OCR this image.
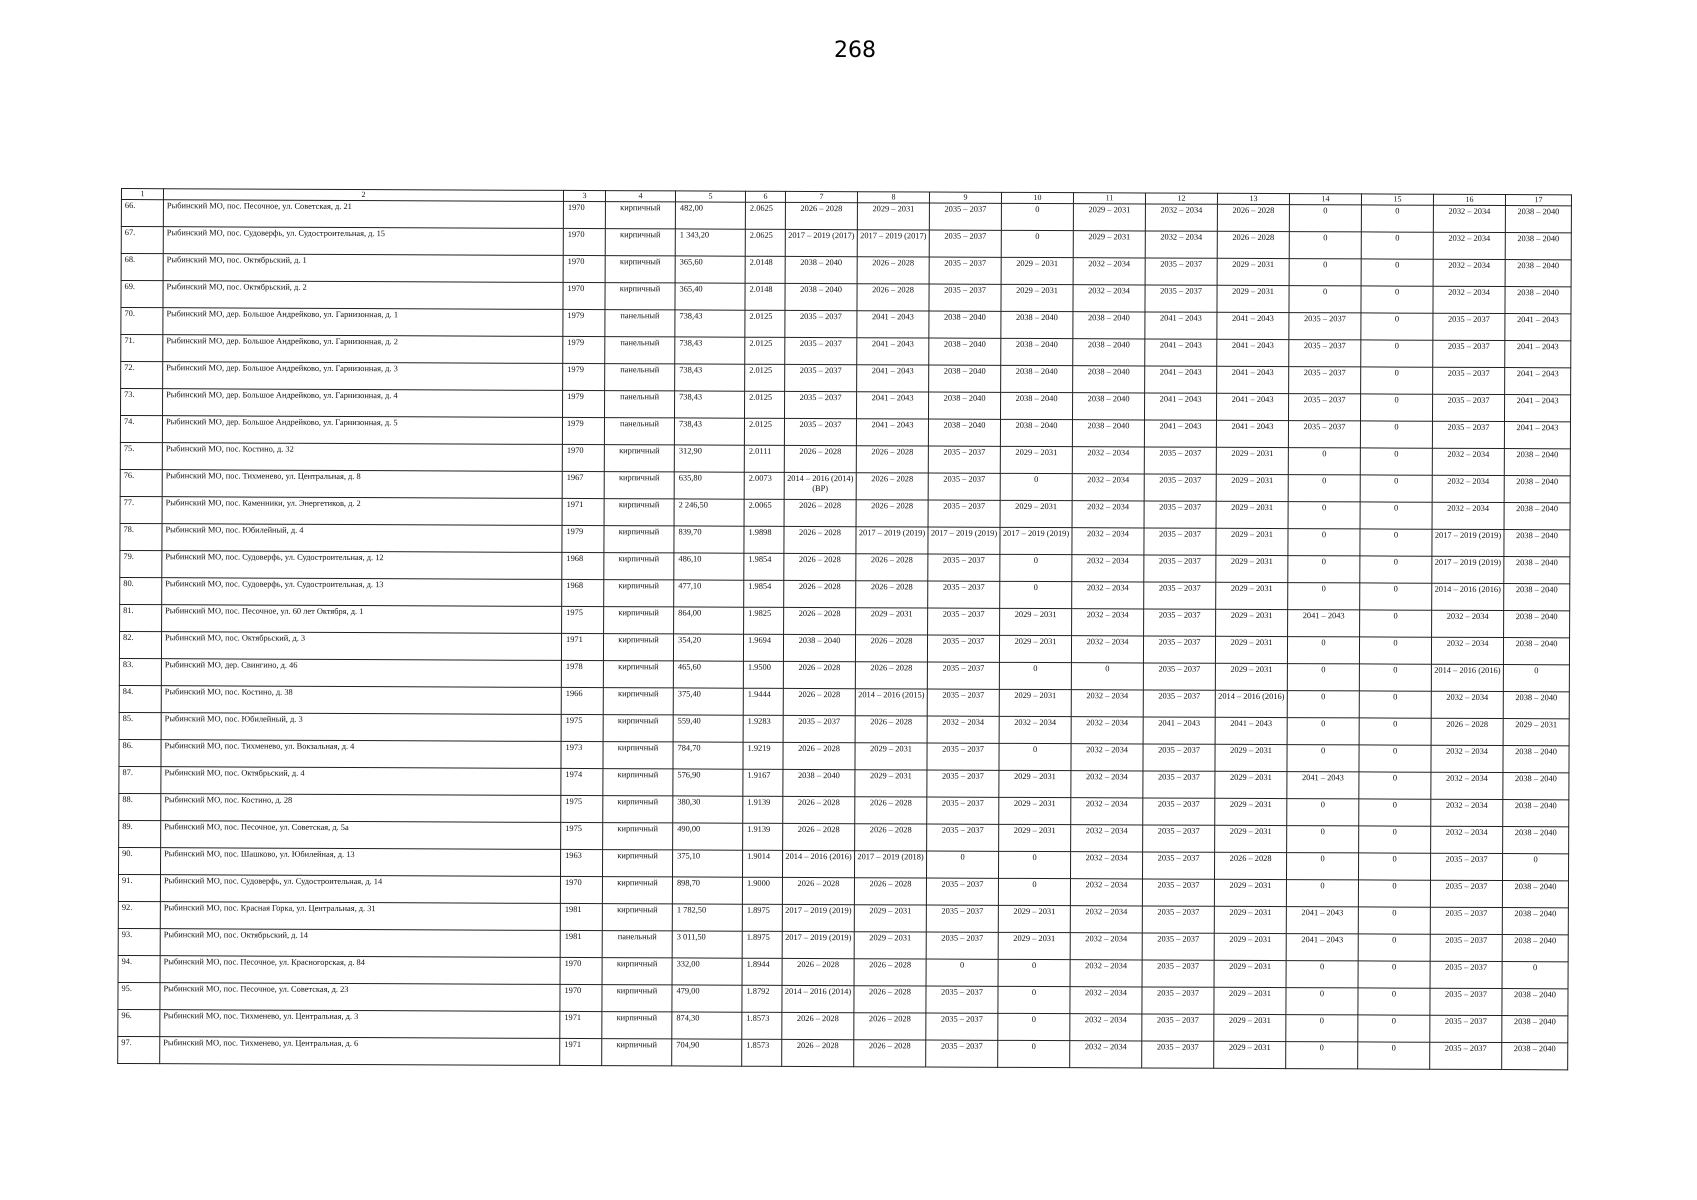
268
1	2	3	4	5	6	7	8	9	10	11	12	13	14	15	16	17
66.	Рыбинский МО, пос. Песочное, ул. Советская, д. 21	1970	кирпичный	482,00	2.0625	2026 – 2028	2029 – 2031	2035 – 2037	0	2029 – 2031	2032 – 2034	2026 – 2028	0	0	2032 – 2034	2038 – 2040
67.	Рыбинский МО, пос. Судоверфь, ул. Судостроительная, д. 15	1970	кирпичный	1 343,20	2.0625	2017 – 2019 (2017)	2017 – 2019 (2017)	2035 – 2037	0	2029 – 2031	2032 – 2034	2026 – 2028	0	0	2032 – 2034	2038 – 2040
68.	Рыбинский МО, пос. Октябрьский, д. 1	1970	кирпичный	365,60	2.0148	2038 – 2040	2026 – 2028	2035 – 2037	2029 – 2031	2032 – 2034	2035 – 2037	2029 – 2031	0	0	2032 – 2034	2038 – 2040
69.	Рыбинский МО, пос. Октябрьский, д. 2	1970	кирпичный	365,40	2.0148	2038 – 2040	2026 – 2028	2035 – 2037	2029 – 2031	2032 – 2034	2035 – 2037	2029 – 2031	0	0	2032 – 2034	2038 – 2040
70.	Рыбинский МО, дер. Большое Андрейково, ул. Гарнизонная, д. 1	1979	панельный	738,43	2.0125	2035 – 2037	2041 – 2043	2038 – 2040	2038 – 2040	2038 – 2040	2041 – 2043	2041 – 2043	2035 – 2037	0	2035 – 2037	2041 – 2043
71.	Рыбинский МО, дер. Большое Андрейково, ул. Гарнизонная, д. 2	1979	панельный	738,43	2.0125	2035 – 2037	2041 – 2043	2038 – 2040	2038 – 2040	2038 – 2040	2041 – 2043	2041 – 2043	2035 – 2037	0	2035 – 2037	2041 – 2043
72.	Рыбинский МО, дер. Большое Андрейково, ул. Гарнизонная, д. 3	1979	панельный	738,43	2.0125	2035 – 2037	2041 – 2043	2038 – 2040	2038 – 2040	2038 – 2040	2041 – 2043	2041 – 2043	2035 – 2037	0	2035 – 2037	2041 – 2043
73.	Рыбинский МО, дер. Большое Андрейково, ул. Гарнизонная, д. 4	1979	панельный	738,43	2.0125	2035 – 2037	2041 – 2043	2038 – 2040	2038 – 2040	2038 – 2040	2041 – 2043	2041 – 2043	2035 – 2037	0	2035 – 2037	2041 – 2043
74.	Рыбинский МО, дер. Большое Андрейково, ул. Гарнизонная, д. 5	1979	панельный	738,43	2.0125	2035 – 2037	2041 – 2043	2038 – 2040	2038 – 2040	2038 – 2040	2041 – 2043	2041 – 2043	2035 – 2037	0	2035 – 2037	2041 – 2043
75.	Рыбинский МО, пос. Костино, д. 32	1970	кирпичный	312,90	2.0111	2026 – 2028	2026 – 2028	2035 – 2037	2029 – 2031	2032 – 2034	2035 – 2037	2029 – 2031	0	0	2032 – 2034	2038 – 2040
76.	Рыбинский МО, пос. Тихменево, ул. Центральная, д. 8	1967	кирпичный	635,80	2.0073	2014 – 2016 (2014) (ВР)	2026 – 2028	2035 – 2037	0	2032 – 2034	2035 – 2037	2029 – 2031	0	0	2032 – 2034	2038 – 2040
77.	Рыбинский МО, пос. Каменники, ул. Энергетиков, д. 2	1971	кирпичный	2 246,50	2.0065	2026 – 2028	2026 – 2028	2035 – 2037	2029 – 2031	2032 – 2034	2035 – 2037	2029 – 2031	0	0	2032 – 2034	2038 – 2040
78.	Рыбинский МО, пос. Юбилейный, д. 4	1979	кирпичный	839,70	1.9898	2026 – 2028	2017 – 2019 (2019)	2017 – 2019 (2019)	2017 – 2019 (2019)	2032 – 2034	2035 – 2037	2029 – 2031	0	0	2017 – 2019 (2019)	2038 – 2040
79.	Рыбинский МО, пос. Судоверфь, ул. Судостроительная, д. 12	1968	кирпичный	486,10	1.9854	2026 – 2028	2026 – 2028	2035 – 2037	0	2032 – 2034	2035 – 2037	2029 – 2031	0	0	2017 – 2019 (2019)	2038 – 2040
80.	Рыбинский МО, пос. Судоверфь, ул. Судостроительная, д. 13	1968	кирпичный	477,10	1.9854	2026 – 2028	2026 – 2028	2035 – 2037	0	2032 – 2034	2035 – 2037	2029 – 2031	0	0	2014 – 2016 (2016)	2038 – 2040
81.	Рыбинский МО, пос. Песочное, ул. 60 лет Октября, д. 1	1975	кирпичный	864,00	1.9825	2026 – 2028	2029 – 2031	2035 – 2037	2029 – 2031	2032 – 2034	2035 – 2037	2029 – 2031	2041 – 2043	0	2032 – 2034	2038 – 2040
82.	Рыбинский МО, пос. Октябрьский, д. 3	1971	кирпичный	354,20	1.9694	2038 – 2040	2026 – 2028	2035 – 2037	2029 – 2031	2032 – 2034	2035 – 2037	2029 – 2031	0	0	2032 – 2034	2038 – 2040
83.	Рыбинский МО, дер. Свингино, д. 46	1978	кирпичный	465,60	1.9500	2026 – 2028	2026 – 2028	2035 – 2037	0	0	2035 – 2037	2029 – 2031	0	0	2014 – 2016 (2016)	0
84.	Рыбинский МО, пос. Костино, д. 38	1966	кирпичный	375,40	1.9444	2026 – 2028	2014 – 2016 (2015)	2035 – 2037	2029 – 2031	2032 – 2034	2035 – 2037	2014 – 2016 (2016)	0	0	2032 – 2034	2038 – 2040
85.	Рыбинский МО, пос. Юбилейный, д. 3	1975	кирпичный	559,40	1.9283	2035 – 2037	2026 – 2028	2032 – 2034	2032 – 2034	2032 – 2034	2041 – 2043	2041 – 2043	0	0	2026 – 2028	2029 – 2031
86.	Рыбинский МО, пос. Тихменево, ул. Вокзальная, д. 4	1973	кирпичный	784,70	1.9219	2026 – 2028	2029 – 2031	2035 – 2037	0	2032 – 2034	2035 – 2037	2029 – 2031	0	0	2032 – 2034	2038 – 2040
87.	Рыбинский МО, пос. Октябрьский, д. 4	1974	кирпичный	576,90	1.9167	2038 – 2040	2029 – 2031	2035 – 2037	2029 – 2031	2032 – 2034	2035 – 2037	2029 – 2031	2041 – 2043	0	2032 – 2034	2038 – 2040
88.	Рыбинский МО, пос. Костино, д. 28	1975	кирпичный	380,30	1.9139	2026 – 2028	2026 – 2028	2035 – 2037	2029 – 2031	2032 – 2034	2035 – 2037	2029 – 2031	0	0	2032 – 2034	2038 – 2040
89.	Рыбинский МО, пос. Песочное, ул. Советская, д. 5а	1975	кирпичный	490,00	1.9139	2026 – 2028	2026 – 2028	2035 – 2037	2029 – 2031	2032 – 2034	2035 – 2037	2029 – 2031	0	0	2032 – 2034	2038 – 2040
90.	Рыбинский МО, пос. Шашково, ул. Юбилейная, д. 13	1963	кирпичный	375,10	1.9014	2014 – 2016 (2016)	2017 – 2019 (2018)	0	0	2032 – 2034	2035 – 2037	2026 – 2028	0	0	2035 – 2037	0
91.	Рыбинский МО, пос. Судоверфь, ул. Судостроительная, д. 14	1970	кирпичный	898,70	1.9000	2026 – 2028	2026 – 2028	2035 – 2037	0	2032 – 2034	2035 – 2037	2029 – 2031	0	0	2035 – 2037	2038 – 2040
92.	Рыбинский МО, пос. Красная Горка, ул. Центральная, д. 31	1981	кирпичный	1 782,50	1.8975	2017 – 2019 (2019)	2029 – 2031	2035 – 2037	2029 – 2031	2032 – 2034	2035 – 2037	2029 – 2031	2041 – 2043	0	2035 – 2037	2038 – 2040
93.	Рыбинский МО, пос. Октябрьский, д. 14	1981	панельный	3 011,50	1.8975	2017 – 2019 (2019)	2029 – 2031	2035 – 2037	2029 – 2031	2032 – 2034	2035 – 2037	2029 – 2031	2041 – 2043	0	2035 – 2037	2038 – 2040
94.	Рыбинский МО, пос. Песочное, ул. Красногорская, д. 84	1970	кирпичный	332,00	1.8944	2026 – 2028	2026 – 2028	0	0	2032 – 2034	2035 – 2037	2029 – 2031	0	0	2035 – 2037	0
95.	Рыбинский МО, пос. Песочное, ул. Советская, д. 23	1970	кирпичный	479,00	1.8792	2014 – 2016 (2014)	2026 – 2028	2035 – 2037	0	2032 – 2034	2035 – 2037	2029 – 2031	0	0	2035 – 2037	2038 – 2040
96.	Рыбинский МО, пос. Тихменево, ул. Центральная, д. 3	1971	кирпичный	874,30	1.8573	2026 – 2028	2026 – 2028	2035 – 2037	0	2032 – 2034	2035 – 2037	2029 – 2031	0	0	2035 – 2037	2038 – 2040
97.	Рыбинский МО, пос. Тихменево, ул. Центральная, д. 6	1971	кирпичный	704,90	1.8573	2026 – 2028	2026 – 2028	2035 – 2037	0	2032 – 2034	2035 – 2037	2029 – 2031	0	0	2035 – 2037	2038 – 2040
